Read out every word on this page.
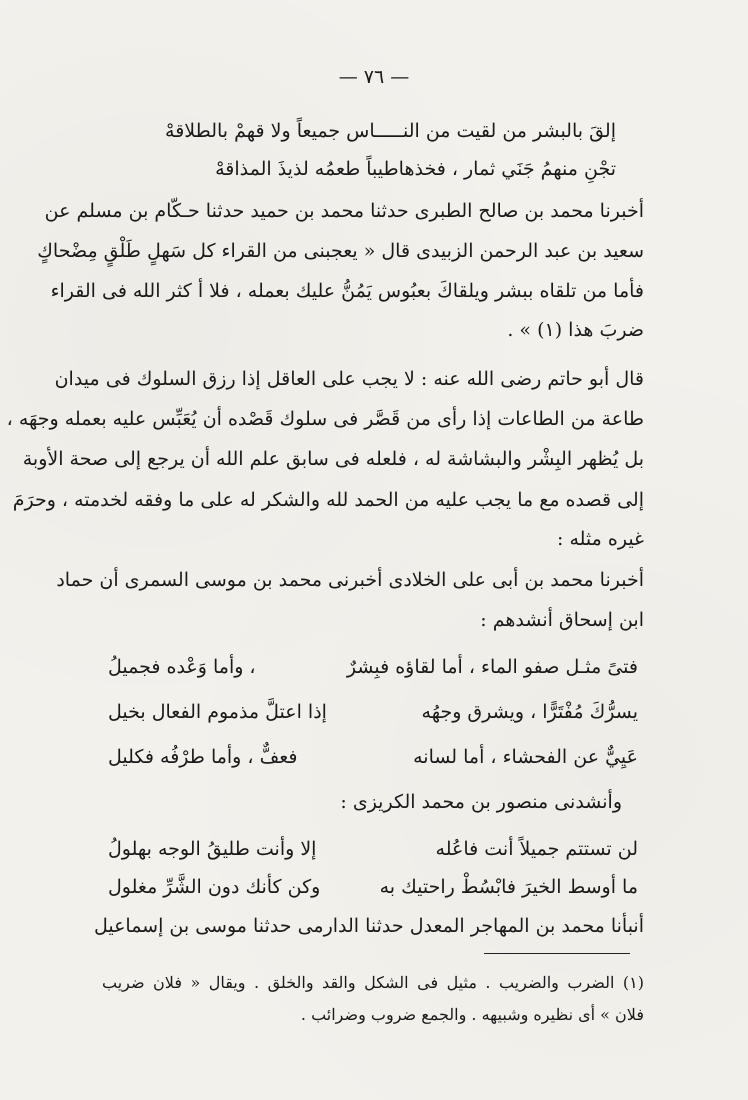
— ٧٦ —
إلقَ بالبشر من لقيت من النـــــاس جميعاً ولا قهمْ بالطلاقهْ
تجْنِ منهمُ جَنَي ثمار ، فخذها
طيباً طعمُه لذيذَ المذاقهْ
أخبرنا محمد بن صالح الطبرى حدثنا محمد بن حميد حدثنا حـكّام بن مسلم عن
سعيد بن عبد الرحمن الزبيدى قال « يعجبنى من القراء كل سَهلٍ طَلْقٍ مِضْحاكٍ
فأما من تلقاه ببشر ويلقاكَ بعبُوس يَمُنُّ عليك بعمله ، فلا أ كثر الله فى القراء
ضربَ هذا (١) » .
قال أبو حاتم رضى الله عنه : لا يجب على العاقل إذا رزق السلوك فى ميدان
طاعة من الطاعات إذا رأى من قَصَّر فى سلوك قَصْده أن يُعَبِّس عليه بعمله وجهَه ،
بل يُظهر البِشْر والبشاشة له ، فلعله فى سابق علم الله أن يرجع إلى صحة الأوبة
إلى قصده مع ما يجب عليه من الحمد لله والشكر له على ما وفقه لخدمته ، وحرَمَ
غيره مثله :
أخبرنا محمد بن أبى على الخلادى أخبرنى محمد بن موسى السمرى أن حماد
ابن إسحاق أنشدهم :
فتىً مثـل صفو الماء ، أما لقاؤه فبِشرٌ
، وأما وَعْده فجميلُ
يسرُّكَ مُفْتَرًّا ، ويشرق وجهُه
إذا اعتلَّ مذموم الفعال بخيل
عَيِيٌّ عن الفحشاء ، أما لسانه
فعفٌّ ، وأما طرْفُه فكليل
وأنشدنى منصور بن محمد الكريزى :
لن تستتم جميلاً أنت فاعُله
إلا وأنت طليقُ الوجه بهلولُ
ما أوسط الخيرَ فابْسُطْ راحتيك به
وكن كأنك دون الشَّرِّ مغلول
أنبأنا محمد بن المهاجر المعدل حدثنا الدارمى حدثنا موسى بن إسماعيل
(١) الضرب والضريب . مثيل فى الشكل والقد والخلق . ويقال « فلان ضريب
فلان » أى نظيره وشبيهه . والجمع ضروب وضرائب .
